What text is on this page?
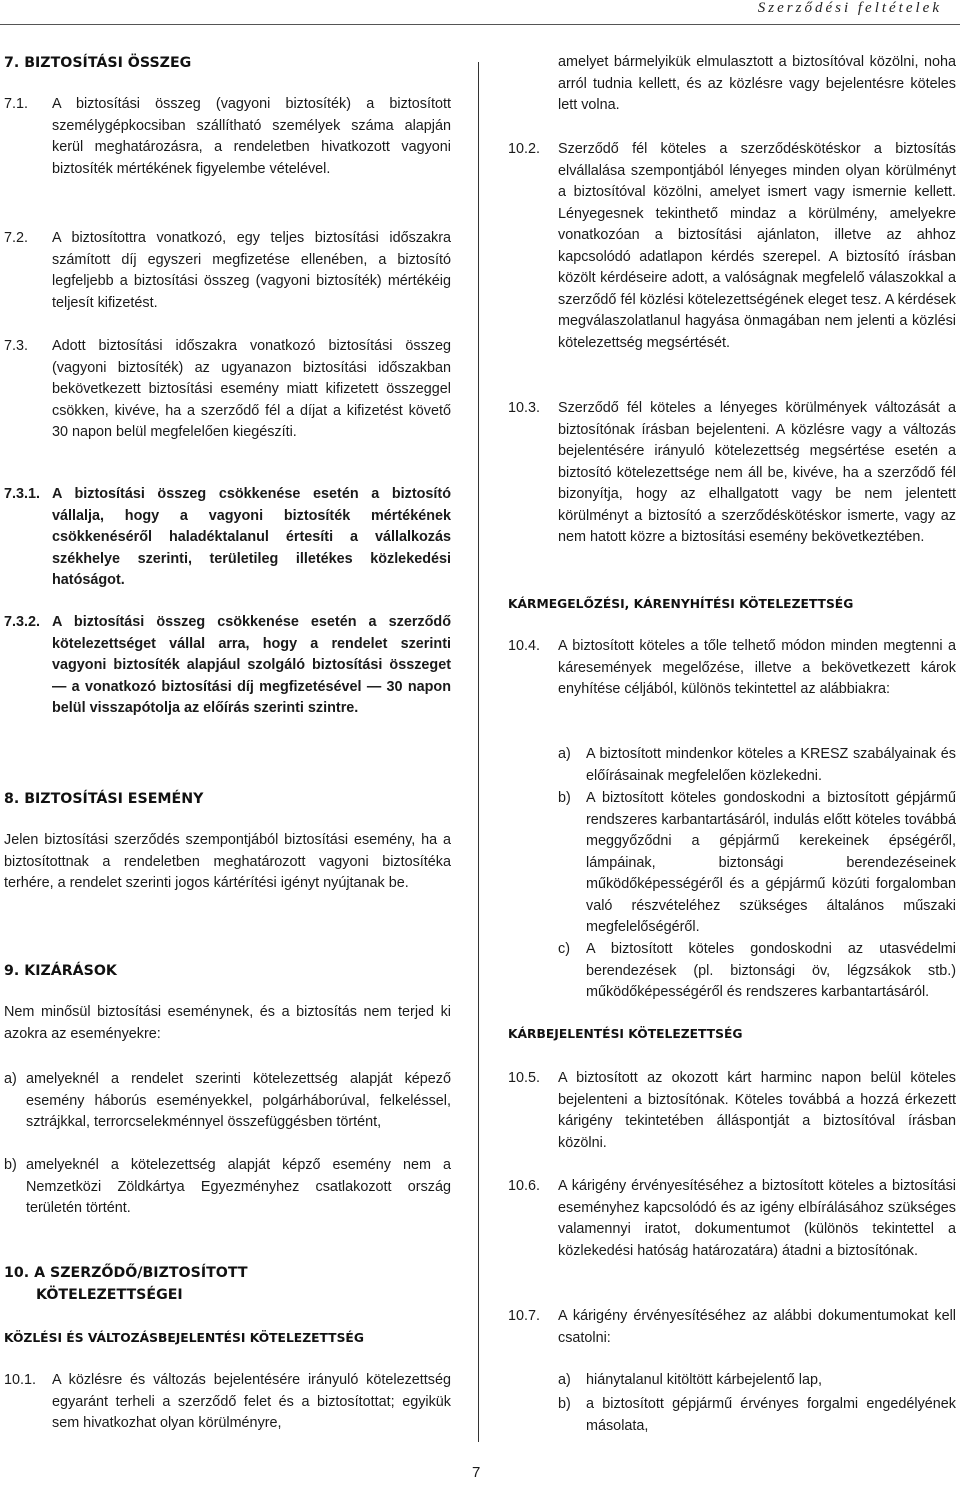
Szerződési feltételek
7. BIZTOSÍTÁSI ÖSSZEG
7.1.	A biztosítási összeg (vagyoni biztosíték) a biztosított személygépkocsiban szállítható személyek száma alapján kerül meghatározásra, a rendeletben hivatkozott vagyoni biztosíték mértékének figyelembe vételével.
7.2.	A biztosítottra vonatkozó, egy teljes biztosítási időszakra számított díj egyszeri megfizetése ellenében, a biztosító legfeljebb a biztosítási összeg (vagyoni biztosíték) mértékéig teljesít kifizetést.
7.3.	Adott biztosítási időszakra vonatkozó biztosítási összeg (vagyoni biztosíték) az ugyanazon biztosítási időszakban bekövetkezett biztosítási esemény miatt kifizetett összeggel csökken, kivéve, ha a szerződő fél a díjat a kifizetést követő 30 napon belül megfelelően kiegészíti.
7.3.1. A biztosítási összeg csökkenése esetén a biztosító vállalja, hogy a vagyoni biztosíték mértékének csökkenéséről haladéktalanul értesíti a vállalkozás székhelye szerinti, területileg illetékes közlekedési hatóságot.
7.3.2. A biztosítási összeg csökkenése esetén a szerződő kötelezettséget vállal arra, hogy a rendelet szerinti vagyoni biztosíték alapjául szolgáló biztosítási összeget — a vonatkozó biztosítási díj megfizetésével — 30 napon belül visszapótolja az előírás szerinti szintre.
8. BIZTOSÍTÁSI ESEMÉNY
Jelen biztosítási szerződés szempontjából biztosítási esemény, ha a biztosítottnak a rendeletben meghatározott vagyoni biztosítéka terhére, a rendelet szerinti jogos kártérítési igényt nyújtanak be.
9. KIZÁRÁSOK
Nem minősül biztosítási eseménynek, és a biztosítás nem terjed ki azokra az eseményekre:
a) amelyeknél a rendelet szerinti kötelezettség alapját képező esemény háborús eseményekkel, polgárháborúval, felkeléssel, sztrájkkal, terrorcselekménnyel összefüggésben történt,
b) amelyeknél a kötelezettség alapját képző esemény nem a Nemzetközi Zöldkártya Egyezményhez csatlakozott ország területén történt.
10. A SZERZŐDŐ/BIZTOSÍTOTT
KÖTELEZETTSÉGEI
KÖZLÉSI ÉS VÁLTOZÁSBEJELENTÉSI KÖTELEZETTSÉG
10.1.	A közlésre és változás bejelentésére irányuló kötelezettség egyaránt terheli a szerződő felet és a biztosítottat; egyikük sem hivatkozhat olyan körülményre,
amelyet bármelyikük elmulasztott a biztosítóval közölni, noha arról tudnia kellett, és az közlésre vagy bejelentésre köteles lett volna.
10.2.	Szerződő fél köteles a szerződéskötéskor a biztosítás elvállalása szempontjából lényeges minden olyan körülményt a biztosítóval közölni, amelyet ismert vagy ismernie kellett. Lényegesnek tekinthető mindaz a körülmény, amelyekre vonatkozóan a biztosítási ajánlaton, illetve az ahhoz kapcsolódó adatlapon kérdés szerepel. A biztosító írásban közölt kérdéseire adott, a valóságnak megfelelő válaszokkal a szerződő fél közlési kötelezettségének eleget tesz. A kérdések megválaszolatlanul hagyása önmagában nem jelenti a közlési kötelezettség megsértését.
10.3.	Szerződő fél köteles a lényeges körülmények változását a biztosítónak írásban bejelenteni. A közlésre vagy a változás bejelentésére irányuló kötelezettség megsértése esetén a biztosító kötelezettsége nem áll be, kivéve, ha a szerződő fél bizonyítja, hogy az elhallgatott vagy be nem jelentett körülményt a biztosító a szerződéskötéskor ismerte, vagy az nem hatott közre a biztosítási esemény bekövetkeztében.
KÁRMEGELŐZÉSI, KÁRENYHÍTÉSI KÖTELEZETTSÉG
10.4.	A biztosított köteles a tőle telhető módon minden megtenni a káresemények megelőzése, illetve a bekövetkezett károk enyhítése céljából, különös tekintettel az alábbiakra:
a)	A biztosított mindenkor köteles a KRESZ szabályainak és előírásainak megfelelően közlekedni.
b)	A biztosított köteles gondoskodni a biztosított gépjármű rendszeres karbantartásáról, indulás előtt köteles továbbá meggyőződni a gépjármű kerekeinek épségéről, lámpáinak, biztonsági berendezéseinek működőképességéről és a gépjármű közúti forgalomban való részvételéhez szükséges általános műszaki megfelelőségéről.
c)	A biztosított köteles gondoskodni az utasvédelmi berendezések (pl. biztonsági öv, légzsákok stb.) működőképességéről és rendszeres karbantartásáról.
KÁRBEJELENTÉSI KÖTELEZETTSÉG
10.5.	A biztosított az okozott kárt harminc napon belül köteles bejelenteni a biztosítónak. Köteles továbbá a hozzá érkezett kárigény tekintetében álláspontját a biztosítóval írásban közölni.
10.6.	A kárigény érvényesítéséhez a biztosított köteles a biztosítási eseményhez kapcsolódó és az igény elbírálásához szükséges valamennyi iratot, dokumentumot (különös tekintettel a közlekedési hatóság határozatára) átadni a biztosítónak.
10.7.	A kárigény érvényesítéséhez az alábbi dokumentumokat kell csatolni:
a)	hiánytalanul kitöltött kárbejelentő lap,
b)	a biztosított gépjármű érvényes forgalmi engedélyének másolata,
7
